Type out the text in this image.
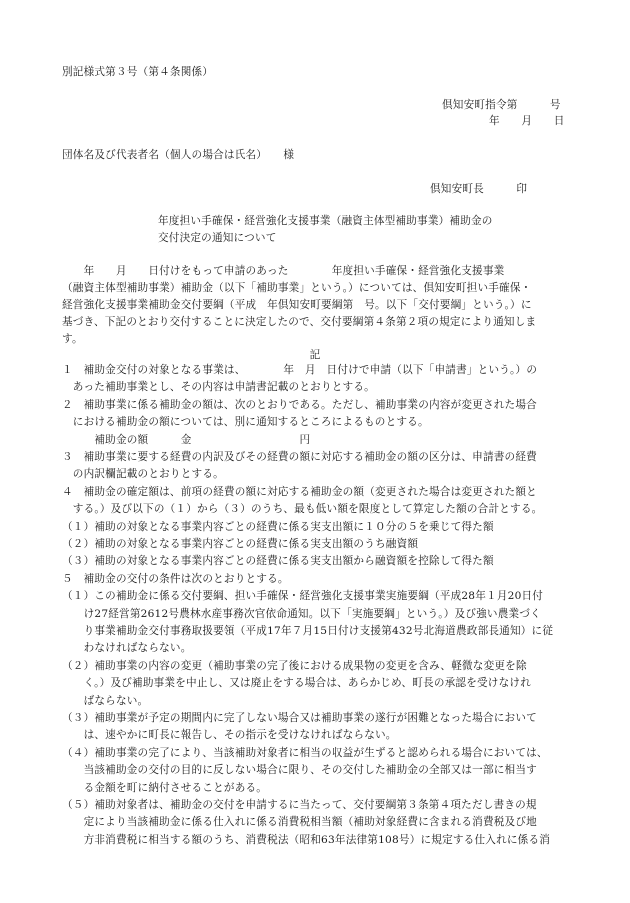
別記様式第３号（第４条関係）
倶知安町指令第　　　号
年　　月　　日
団体名及び代表者名（個人の場合は氏名）　　様
倶知安町長　　　印
年度担い手確保・経営強化支援事業（融資主体型補助事業）補助金の
交付決定の通知について
　　年　　月　　日付けをもって申請のあった　　　　年度担い手確保・経営強化支援事業
（融資主体型補助事業）補助金（以下「補助事業」という。）については、倶知安町担い手確保・
経営強化支援事業補助金交付要綱（平成　年倶知安町要綱第　号。以下「交付要綱」という。）に
基づき、下記のとおり交付することに決定したので、交付要綱第４条第２項の規定により通知しま
す。
記
１　補助金交付の対象となる事業は、　　　　年　月　日付けで申請（以下「申請書」という。）の
　あった補助事業とし、その内容は申請書記載のとおりとする。
２　補助事業に係る補助金の額は、次のとおりである。ただし、補助事業の内容が変更された場合
　における補助金の額については、別に通知するところによるものとする。
　　　補助金の額　　　金　　　　　　　　　　円
３　補助事業に要する経費の内訳及びその経費の額に対応する補助金の額の区分は、申請書の経費
　の内訳欄記載のとおりとする。
４　補助金の確定額は、前項の経費の額に対応する補助金の額（変更された場合は変更された額と
　する。）及び以下の（１）から（３）のうち、最も低い額を限度として算定した額の合計とする。
（１）補助の対象となる事業内容ごとの経費に係る実支出額に１０分の５を乗じて得た額
（２）補助の対象となる事業内容ごとの経費に係る実支出額のうち融資額
（３）補助の対象となる事業内容ごとの経費に係る実支出額から融資額を控除して得た額
５　補助金の交付の条件は次のとおりとする。
（１）この補助金に係る交付要綱、担い手確保・経営強化支援事業実施要綱（平成28年１月20日付
　　け27経営第2612号農林水産事務次官依命通知。以下「実施要綱」という。）及び強い農業づく
　　り事業補助金交付事務取扱要領（平成17年７月15日付け支援第432号北海道農政部長通知）に従
　　わなければならない。
（２）補助事業の内容の変更（補助事業の完了後における成果物の変更を含み、軽微な変更を除
　　く。）及び補助事業を中止し、又は廃止をする場合は、あらかじめ、町長の承認を受けなけれ
　　ばならない。
（３）補助事業が予定の期間内に完了しない場合又は補助事業の遂行が困難となった場合において
　　は、速やかに町長に報告し、その指示を受けなければならない。
（４）補助事業の完了により、当該補助対象者に相当の収益が生ずると認められる場合においては、
　　当該補助金の交付の目的に反しない場合に限り、その交付した補助金の全部又は一部に相当す
　　る金額を町に納付させることがある。
（５）補助対象者は、補助金の交付を申請するに当たって、交付要綱第３条第４項ただし書きの規
　　定により当該補助金に係る仕入れに係る消費税相当額（補助対象経費に含まれる消費税及び地
　　方非消費税に相当する額のうち、消費税法（昭和63年法律第108号）に規定する仕入れに係る消
